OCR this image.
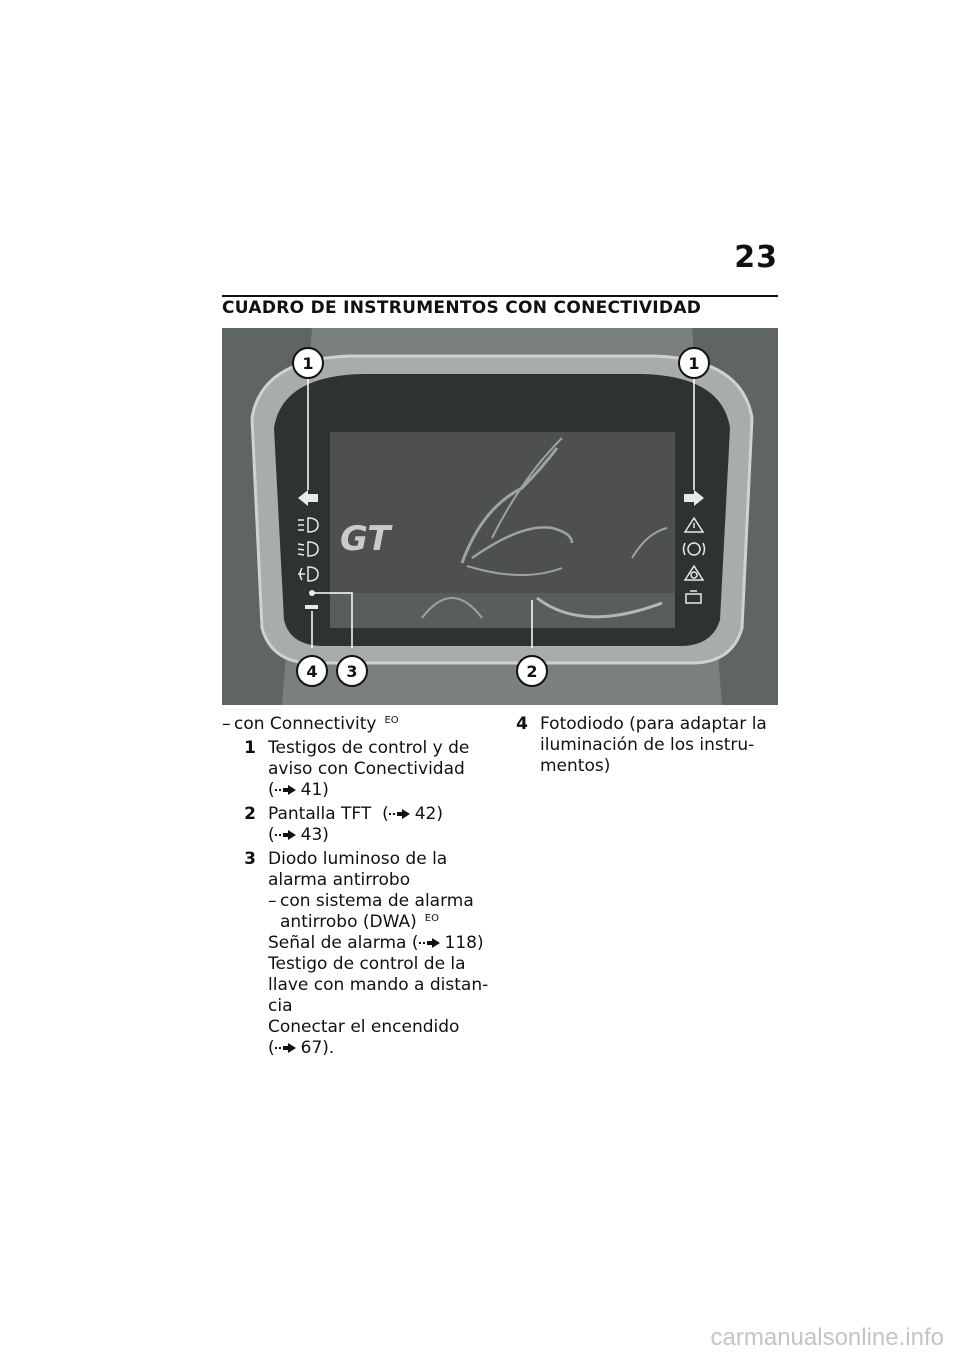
23
CUADRO DE INSTRUMENTOS CON CONECTIVIDAD
GT
1	1
4 3	2
– con Connectivity $^{EO}$
1 Testigos de control y de aviso con Conectividad
( 41)
2 Pantalla TFT  ( 42)
( 43)
3 Diodo luminoso de la alarma antirrobo
– con sistema de alarma antirrobo (DWA) $^{EO}$
Señal de alarma ( 118)
Testigo de control de la llave con mando a distan-cia
Conectar el encendido
( 67).
4 Fotodiodo (para adaptar la iluminación de los instru-mentos)
carmanualsonline.info
